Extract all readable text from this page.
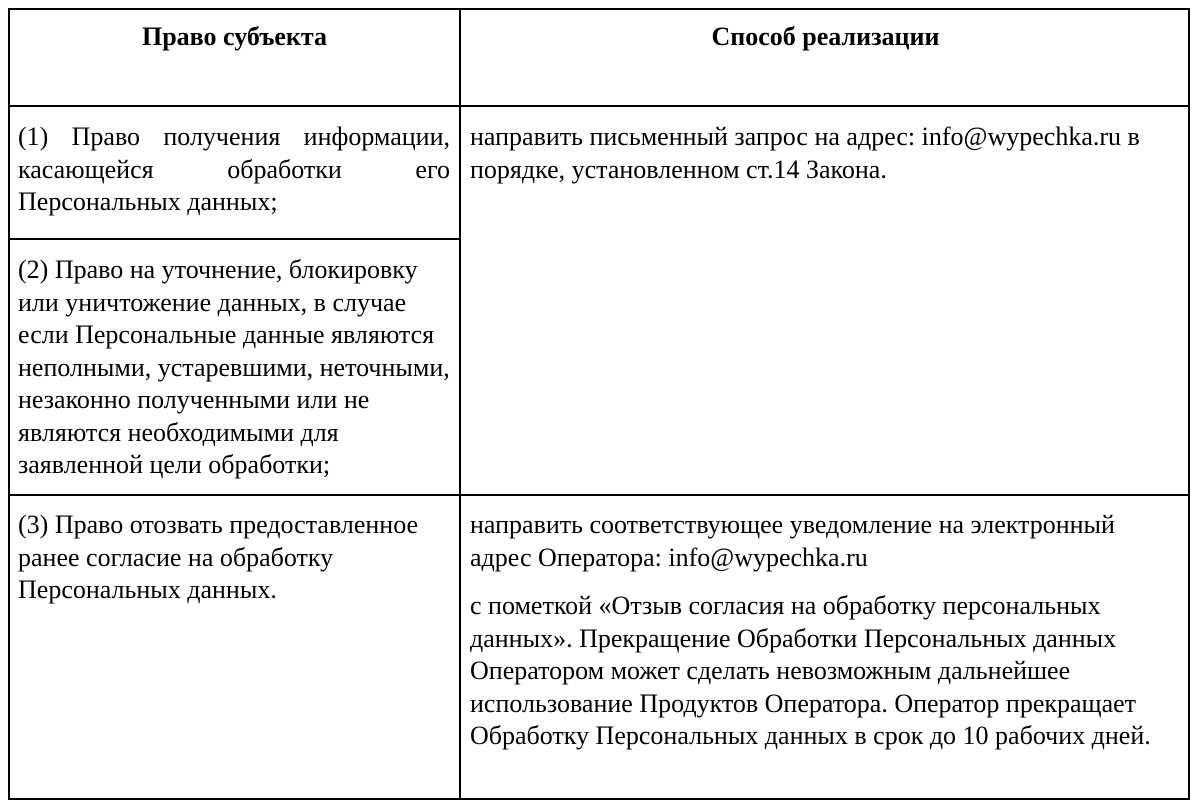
Право субъекта	Способ реализации
(1) Право получения информации, касающейся обработки его Персональных данных;
направить письменный запрос на адрес: info@wypechka.ru в порядке, установленном ст.14 Закона.
(2) Право на уточнение, блокировку или уничтожение данных, в случае если Персональные данные являются неполными, устаревшими, неточными, незаконно полученными или не являются необходимыми для заявленной цели обработки;
(3) Право отозвать предоставленное ранее согласие на обработку Персональных данных.
направить соответствующее уведомление на электронный адрес Оператора: info@wypechka.ru
с пометкой «Отзыв согласия на обработку персональных данных». Прекращение Обработки Персональных данных Оператором может сделать невозможным дальнейшее использование Продуктов Оператора. Оператор прекращает Обработку Персональных данных в срок до 10 рабочих дней.
